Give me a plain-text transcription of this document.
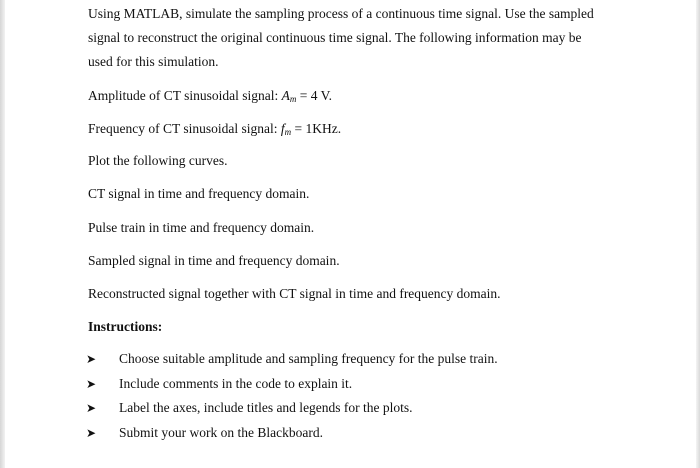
Using MATLAB, simulate the sampling process of a continuous time signal. Use the sampled
signal to reconstruct the original continuous time signal. The following information may be
used for this simulation.
Amplitude of CT sinusoidal signal: $A_m = 4$ V.
Frequency of CT sinusoidal signal: $f_m = 1KHz$.
Plot the following curves.
CT signal in time and frequency domain.
Pulse train in time and frequency domain.
Sampled signal in time and frequency domain.
Reconstructed signal together with CT signal in time and frequency domain.
Instructions:
➤ Choose suitable amplitude and sampling frequency for the pulse train.
➤ Include comments in the code to explain it.
➤ Label the axes, include titles and legends for the plots.
➤ Submit your work on the Blackboard.
